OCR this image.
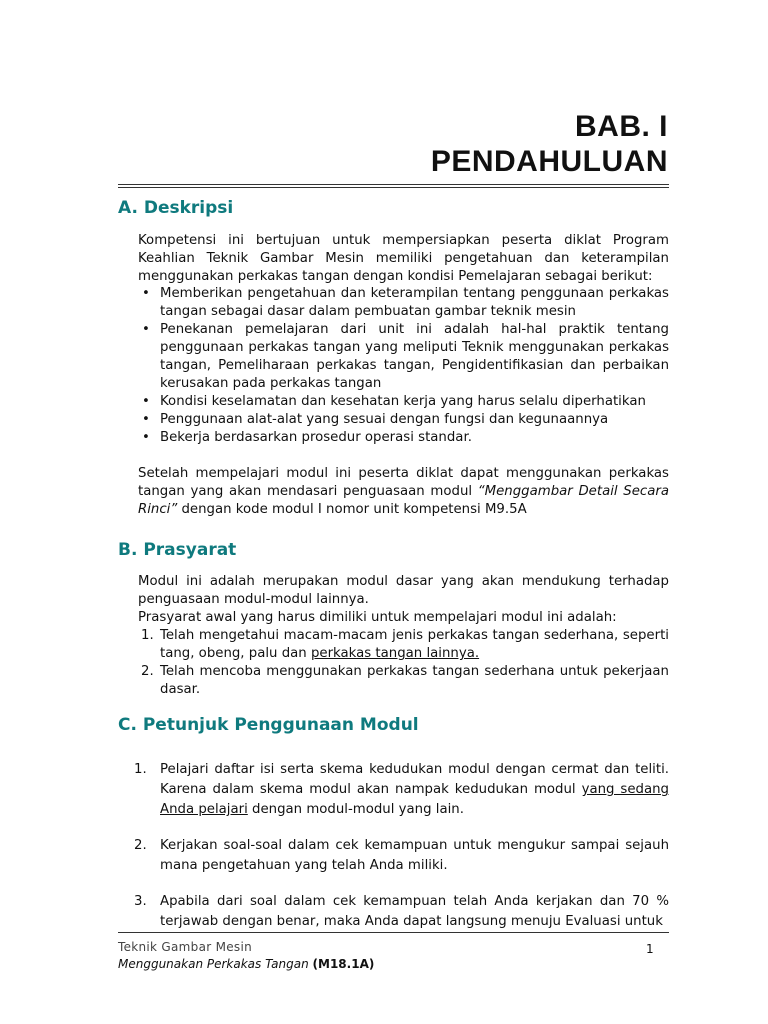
BAB. I
PENDAHULUAN
A. Deskripsi

Kompetensi ini bertujuan untuk mempersiapkan peserta diklat Program Keahlian Teknik Gambar Mesin memiliki pengetahuan dan keterampilan menggunakan perkakas tangan dengan kondisi Pemelajaran sebagai berikut:

• Memberikan pengetahuan dan keterampilan tentang penggunaan perkakas tangan sebagai dasar dalam pembuatan gambar teknik mesin
• Penekanan pemelajaran dari unit ini adalah hal-hal praktik tentang penggunaan perkakas tangan yang meliputi Teknik menggunakan perkakas tangan, Pemeliharaan perkakas tangan, Pengidentifikasian dan perbaikan kerusakan pada perkakas tangan
• Kondisi keselamatan dan kesehatan kerja yang harus selalu diperhatikan
• Penggunaan alat-alat yang sesuai dengan fungsi dan kegunaannya
• Bekerja berdasarkan prosedur operasi standar.

Setelah mempelajari modul ini peserta diklat dapat menggunakan perkakas tangan yang akan mendasari penguasaan modul “Menggambar Detail Secara Rinci” dengan kode modul I nomor unit kompetensi M9.5A

B. Prasyarat

Modul ini adalah merupakan modul dasar yang akan mendukung terhadap penguasaan modul-modul lainnya.

Prasyarat awal yang harus dimiliki untuk mempelajari modul ini adalah:

1. Telah mengetahui macam-macam jenis perkakas tangan sederhana, seperti tang, obeng, palu dan perkakas tangan lainnya.
2. Telah mencoba menggunakan perkakas tangan sederhana untuk pekerjaan dasar.
C. Petunjuk Penggunaan Modul
1. Pelajari daftar isi serta skema kedudukan modul dengan cermat dan teliti. Karena dalam skema modul akan nampak kedudukan modul yang sedang Anda pelajari dengan modul-modul yang lain.
2. Kerjakan soal-soal dalam cek kemampuan untuk mengukur sampai sejauh mana pengetahuan yang telah Anda miliki.
3. Apabila dari soal dalam cek kemampuan telah Anda kerjakan dan 70 % terjawab dengan benar, maka Anda dapat langsung menuju Evaluasi untuk
Teknik Gambar Mesin
Menggunakan Perkakas Tangan (M18.1A)
1
